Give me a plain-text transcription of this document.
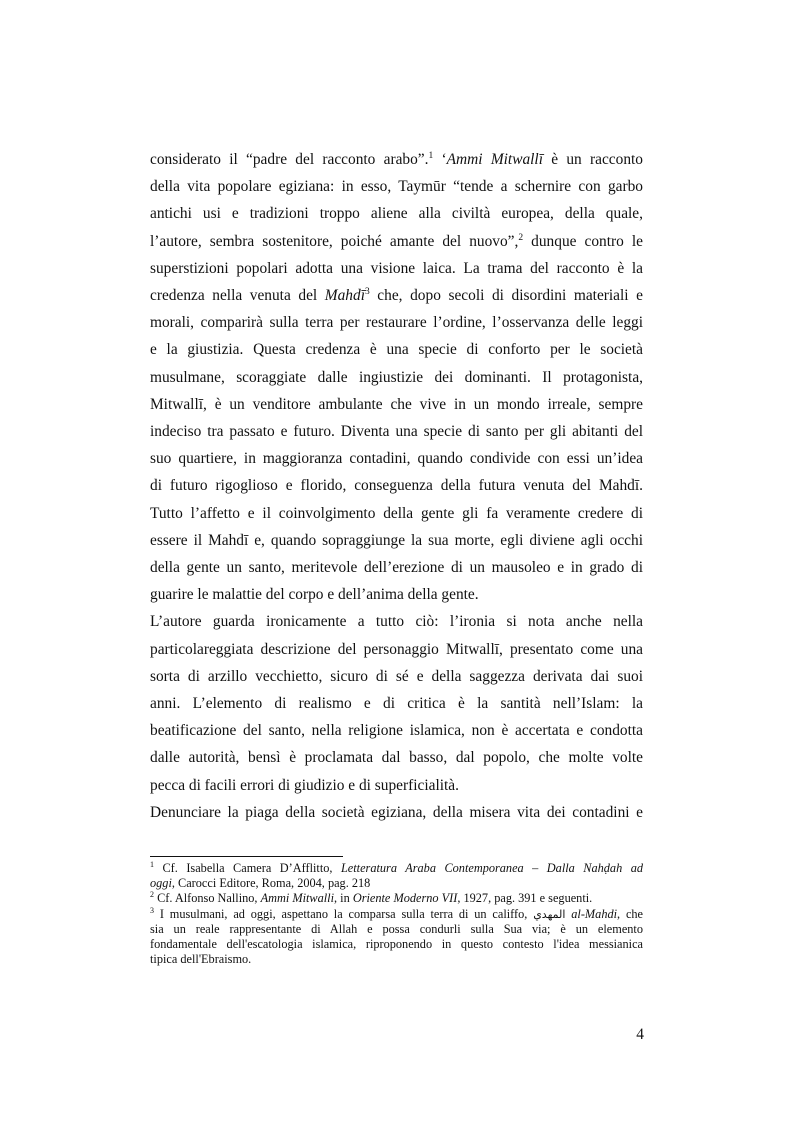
considerato il “padre del racconto arabo”.$^1$ ‘Ammi Mitwallī è un racconto
della vita popolare egiziana: in esso, Taymūr “tende a schernire con garbo
antichi usi e tradizioni troppo aliene alla civiltà europea, della quale,
l’autore, sembra sostenitore, poiché amante del nuovo”,$^2$ dunque contro le
superstizioni popolari adotta una visione laica. La trama del racconto è la
credenza nella venuta del Mahdī$^3$ che, dopo secoli di disordini materiali e
morali, comparirà sulla terra per restaurare l’ordine, l’osservanza delle leggi
e la giustizia. Questa credenza è una specie di conforto per le società
musulmane, scoraggiate dalle ingiustizie dei dominanti. Il protagonista,
Mitwallī, è un venditore ambulante che vive in un mondo irreale, sempre
indeciso tra passato e futuro. Diventa una specie di santo per gli abitanti del
suo quartiere, in maggioranza contadini, quando condivide con essi un’idea
di futuro rigoglioso e florido, conseguenza della futura venuta del Mahdī.
Tutto l’affetto e il coinvolgimento della gente gli fa veramente credere di
essere il Mahdī e, quando sopraggiunge la sua morte, egli diviene agli occhi
della gente un santo, meritevole dell’erezione di un mausoleo e in grado di
guarire le malattie del corpo e dell’anima della gente.
L’autore guarda ironicamente a tutto ciò: l’ironia si nota anche nella
particolareggiata descrizione del personaggio Mitwallī, presentato come una
sorta di arzillo vecchietto, sicuro di sé e della saggezza derivata dai suoi
anni. L’elemento di realismo e di critica è la santità nell’Islam: la
beatificazione del santo, nella religione islamica, non è accertata e condotta
dalle autorità, bensì è proclamata dal basso, dal popolo, che molte volte
pecca di facili errori di giudizio e di superficialità.
Denunciare la piaga della società egiziana, della misera vita dei contadini e
$^1$ Cf. Isabella Camera D’Afflitto, Letteratura Araba Contemporanea – Dalla Nahḍah ad
oggi, Carocci Editore, Roma, 2004, pag. 218
$^2$ Cf. Alfonso Nallino, Ammi Mitwalli, in Oriente Moderno VII, 1927, pag. 391 e seguenti.
$^3$ I musulmani, ad oggi, aspettano la comparsa sulla terra di un califfo, المهدي al-Mahdi, che
sia un reale rappresentante di Allah e possa condurli sulla Sua via; è un elemento
fondamentale dell'escatologia islamica, riproponendo in questo contesto l'idea messianica
tipica dell'Ebraismo.
4
